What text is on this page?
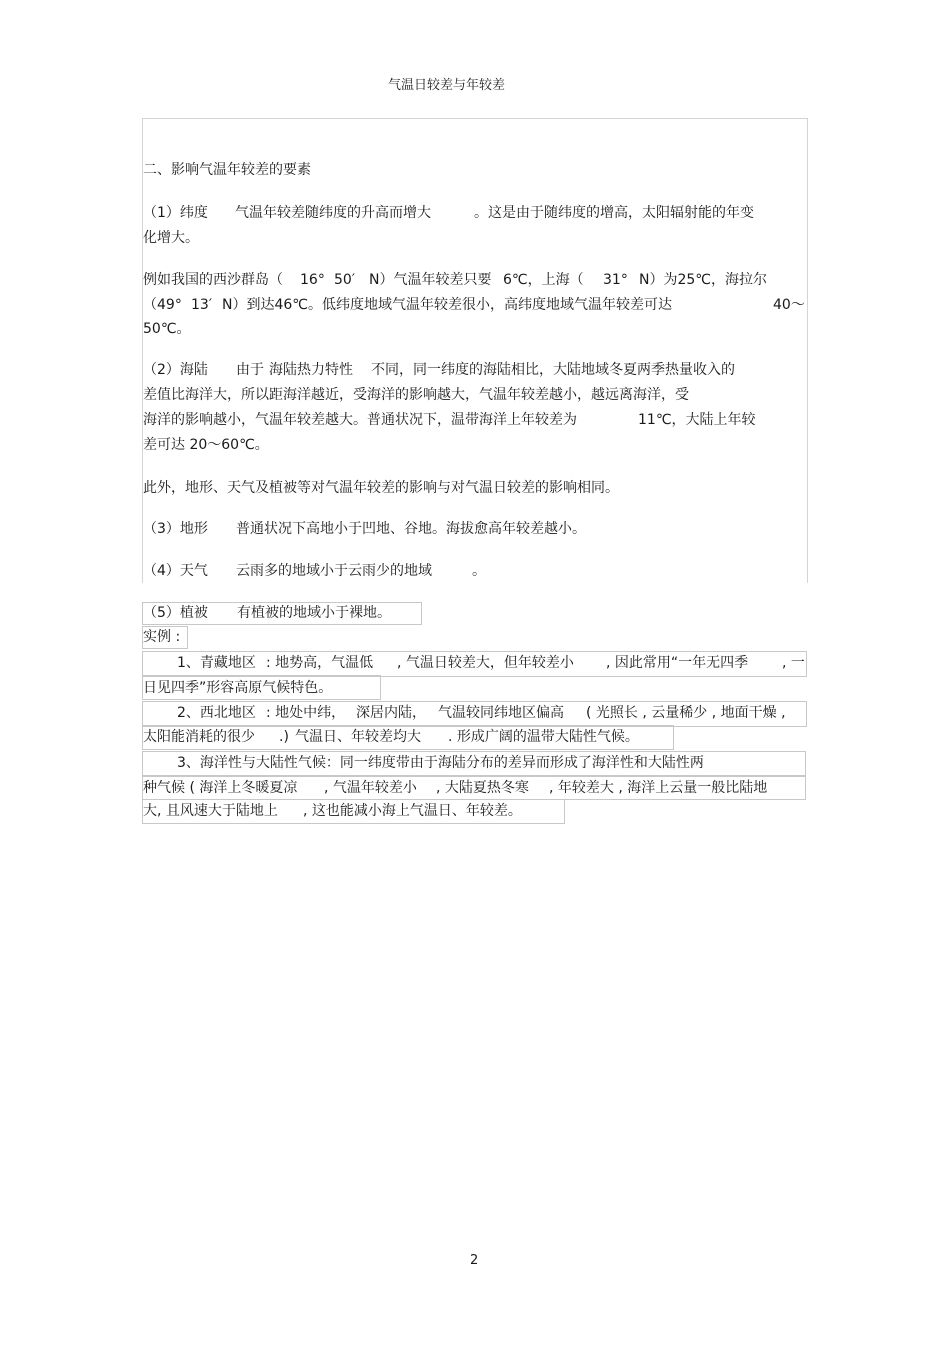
气温日较差与年较差
二、影响气温年较差的要素
（1）纬度 气温年较差随纬度的升高而增大	。这是由于随纬度的增高，太阳辐射能的年变
化增大。
例如我国的西沙群岛（ 16° 50′ N）气温年较差只要 6℃，上海（ 31° N）为25℃，海拉尔
（49° 13′ N）到达46℃。低纬度地域气温年较差很小，高纬度地域气温年较差可达	40～
50℃。
（2）海陆 由于 海陆热力特性 不同，同一纬度的海陆相比，大陆地域冬夏两季热量收入的
差值比海洋大，所以距海洋越近，受海洋的影响越大，气温年较差越小，越远离海洋，受
海洋的影响越小，气温年较差越大。普通状况下，温带海洋上年较差为	11℃，大陆上年较
差可达 20～60℃。
此外，地形、天气及植被等对气温年较差的影响与对气温日较差的影响相同。
（3）地形 普通状况下高地小于凹地、谷地。海拔愈高年较差越小。
（4）天气 云雨多的地域小于云雨少的地域	。
（5）植被 有植被的地域小于裸地。
实例 :
1、青藏地区 : 地势高，气温低 , 气温日较差大，但年较差小 , 因此常用“一年无四季 , 一
日见四季”形容高原气候特色。
2、西北地区 : 地处中纬， 深居内陆， 气温较同纬地区偏高 ( 光照长 , 云量稀少 , 地面干燥 ,
太阳能消耗的很少 .) 气温日、年较差均大 . 形成广阔的温带大陆性气候。
3、海洋性与大陆性气候：同一纬度带由于海陆分布的差异而形成了海洋性和大陆性两
种气候 ( 海洋上冬暖夏凉 , 气温年较差小 , 大陆夏热冬寒 , 年较差大 , 海洋上云量一般比陆地
大, 且风速大于陆地上 , 这也能减小海上气温日、年较差。
2
